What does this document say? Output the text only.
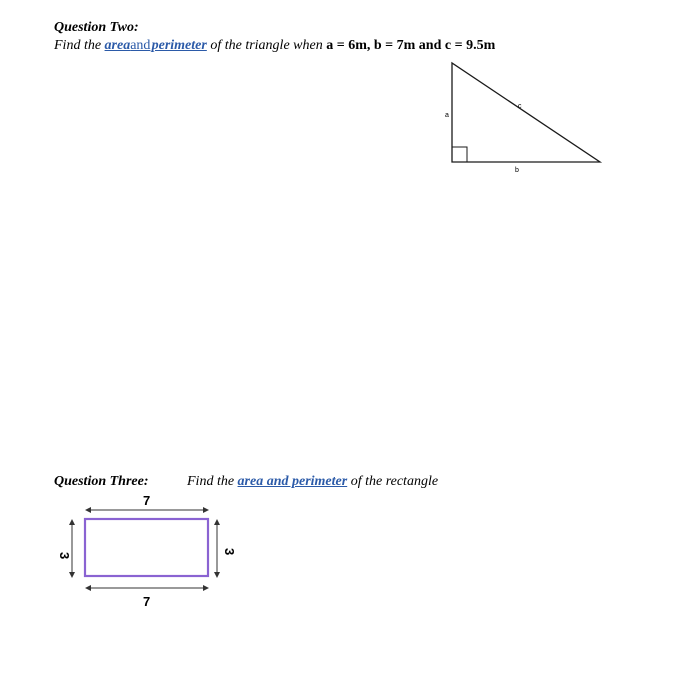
Question Two:
Find the areaand perimeter of the triangle when a = 6m, b = 7m and c = 9.5m
a
b
c
Question Three:	Find the area and perimeter of the rectangle
7
3
3
7
